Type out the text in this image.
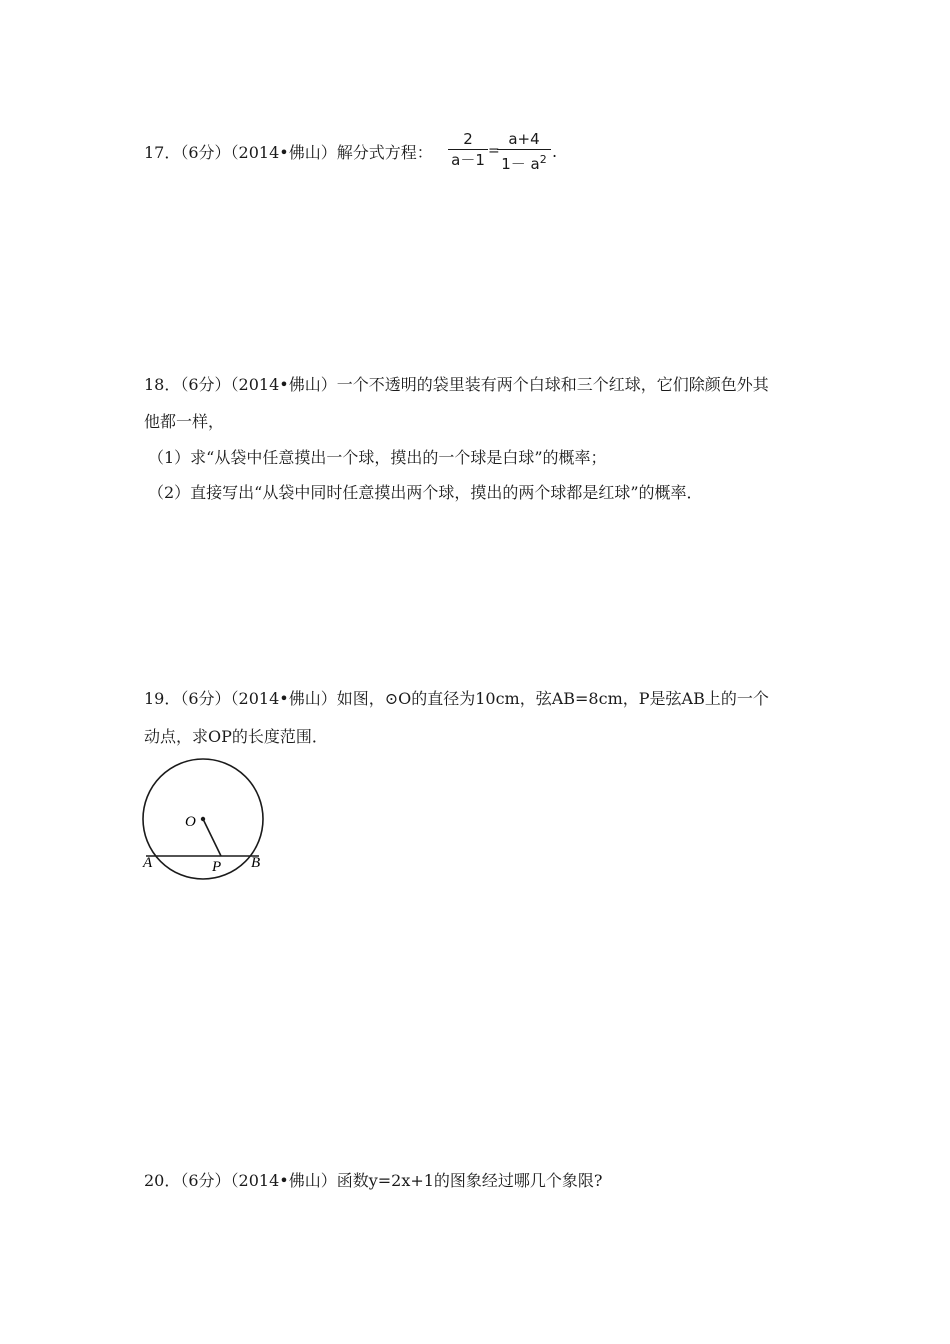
17．（6分）（2014•佛山）解分式方程：
2
a－1 =
a+4
$1- a^2$ .
18．（6分）（2014•佛山）一个不透明的袋里装有两个白球和三个红球，它们除颜色外其
他都一样，
（1）求“从袋中任意摸出一个球，摸出的一个球是白球”的概率；
（2）直接写出“从袋中同时任意摸出两个球，摸出的两个球都是红球”的概率．
19．（6分）（2014•佛山）如图，⊙O的直径为10cm，弦AB=8cm，P是弦AB上的一个
动点，求OP的长度范围．
O
A	P B
20．（6分）（2014•佛山）函数y=2x+1的图象经过哪几个象限?
